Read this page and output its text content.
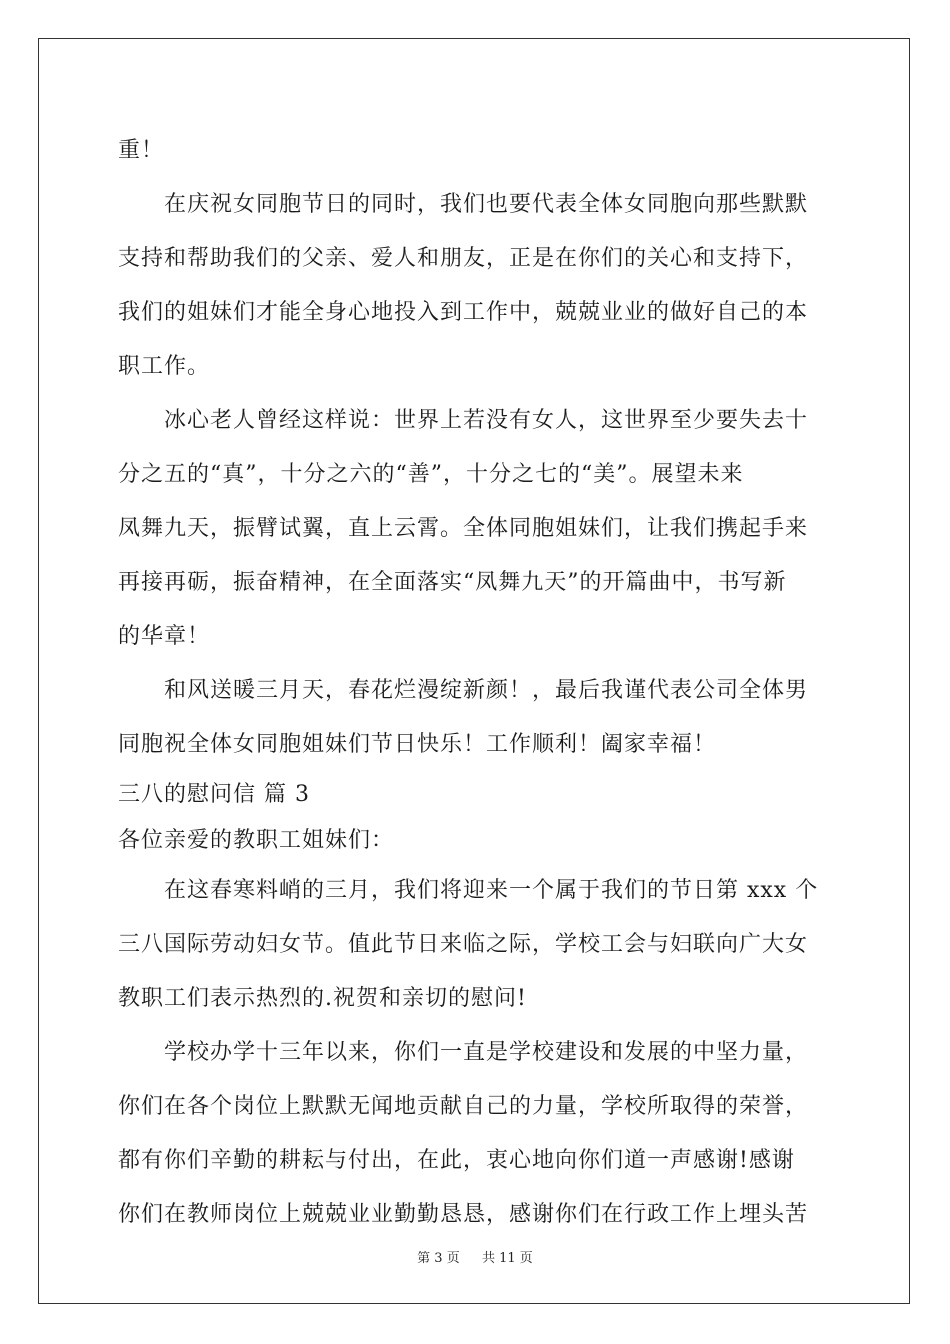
重！
在庆祝女同胞节日的同时，我们也要代表全体女同胞向那些默默
支持和帮助我们的父亲、爱人和朋友，正是在你们的关心和支持下，
我们的姐妹们才能全身心地投入到工作中，兢兢业业的做好自己的本
职工作。
冰心老人曾经这样说：世界上若没有女人，这世界至少要失去十
分之五的“真”，十分之六的“善”，十分之七的“美”。展望未来
凤舞九天，振臂试翼，直上云霄。全体同胞姐妹们，让我们携起手来
再接再砺，振奋精神，在全面落实“凤舞九天”的开篇曲中，书写新
的华章！
和风送暖三月天，春花烂漫绽新颜！，最后我谨代表公司全体男
同胞祝全体女同胞姐妹们节日快乐！工作顺利！阖家幸福！
三八的慰问信 篇 3
各位亲爱的教职工姐妹们：
在这春寒料峭的三月，我们将迎来一个属于我们的节日第 xxx 个
三八国际劳动妇女节。值此节日来临之际，学校工会与妇联向广大女
教职工们表示热烈的.祝贺和亲切的慰问!
学校办学十三年以来，你们一直是学校建设和发展的中坚力量，
你们在各个岗位上默默无闻地贡献自己的力量，学校所取得的荣誉，
都有你们辛勤的耕耘与付出，在此，衷心地向你们道一声感谢!感谢
你们在教师岗位上兢兢业业勤勤恳恳，感谢你们在行政工作上埋头苦
第 3 页 共 11 页
